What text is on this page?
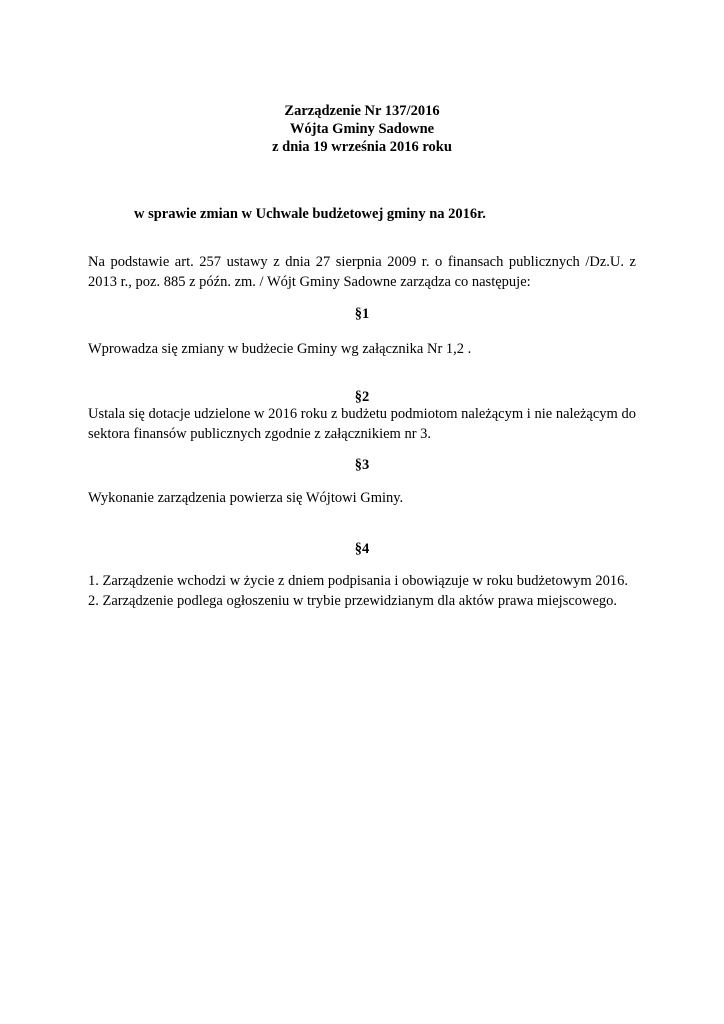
Zarządzenie Nr 137/2016
Wójta Gminy Sadowne
z dnia 19 września 2016 roku
w sprawie zmian w Uchwale budżetowej gminy na 2016r.
Na podstawie art. 257 ustawy z dnia 27 sierpnia 2009 r. o finansach publicznych /Dz.U. z 2013 r., poz. 885 z późn. zm. / Wójt Gminy Sadowne zarządza co następuje:
§1
Wprowadza się zmiany w budżecie Gminy wg załącznika Nr 1,2 .
§2
Ustala się dotacje udzielone w 2016 roku z budżetu podmiotom należącym i nie należącym do sektora finansów publicznych zgodnie z załącznikiem nr 3.
§3
Wykonanie zarządzenia powierza się Wójtowi Gminy.
§4
1. Zarządzenie wchodzi w życie z dniem podpisania i obowiązuje w roku budżetowym 2016.
2. Zarządzenie podlega ogłoszeniu w trybie przewidzianym dla aktów prawa miejscowego.
